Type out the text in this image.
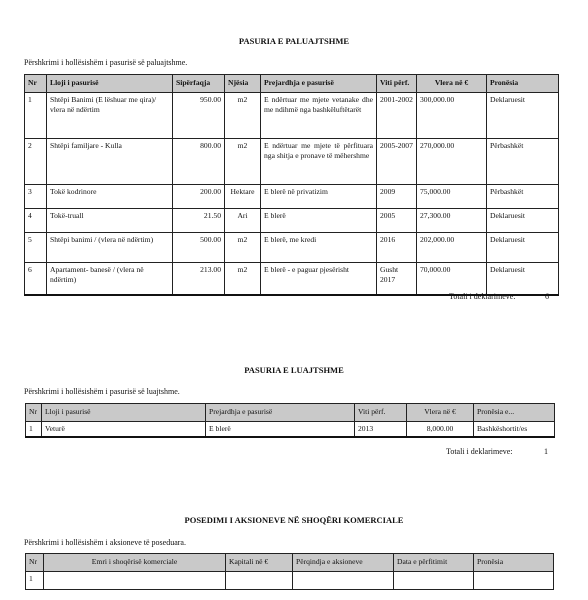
PASURIA E PALUAJTSHME
Përshkrimi i hollësishëm i pasurisë së paluajtshme.
Nr	Lloji i pasurisë	Sipërfaqja	Njësia	Prejardhja e pasurisë	Viti përf.	Vlera në €	Pronësia
1	Shtëpi Banimi (E lëshuar me qira)/ vlera në ndërtim	950.00	m2	E ndërtuar me mjete vetanake dhe me ndihmë nga bashkëluftëtarët	2001-2002	300,000.00	Deklaruesit
2	Shtëpi familjare - Kulla	800.00	m2	E ndërtuar me mjete të përfituara nga shitja e pronave të mëhershme	2005-2007	270,000.00	Përbashkët
3	Tokë kodrinore	200.00	Hektare	E blerë në privatizim	2009	75,000.00	Përbashkët
4	Tokë-truall	21.50	Ari	E blerë	2005	27,300.00	Deklaruesit
5	Shtëpi banimi / (vlera në ndërtim)	500.00	m2	E blerë, me kredi	2016	202,000.00	Deklaruesit
6	Apartament- banesë / (vlera në ndërtim)	213.00	m2	E blerë - e paguar pjesërisht	Gusht 2017	70,000.00	Deklaruesit
Totali i deklarimeve:	6
PASURIA E LUAJTSHME
Përshkrimi i hollësishëm i pasurisë së luajtshme.
Nr	Lloji i pasurisë	Prejardhja e pasurisë	Viti përf.	Vlera në €	Pronësia e...
1	Veturë	E blerë	2013	8,000.00	Bashkëshortit/es
Totali i deklarimeve:	1
POSEDIMI I AKSIONEVE NË SHOQËRI KOMERCIALE
Përshkrimi i hollësishëm i aksioneve të poseduara.
Nr	Emri i shoqërisë komerciale	Kapitali në €	Përqindja e aksioneve	Data e përfitimit	Pronësia
1					
